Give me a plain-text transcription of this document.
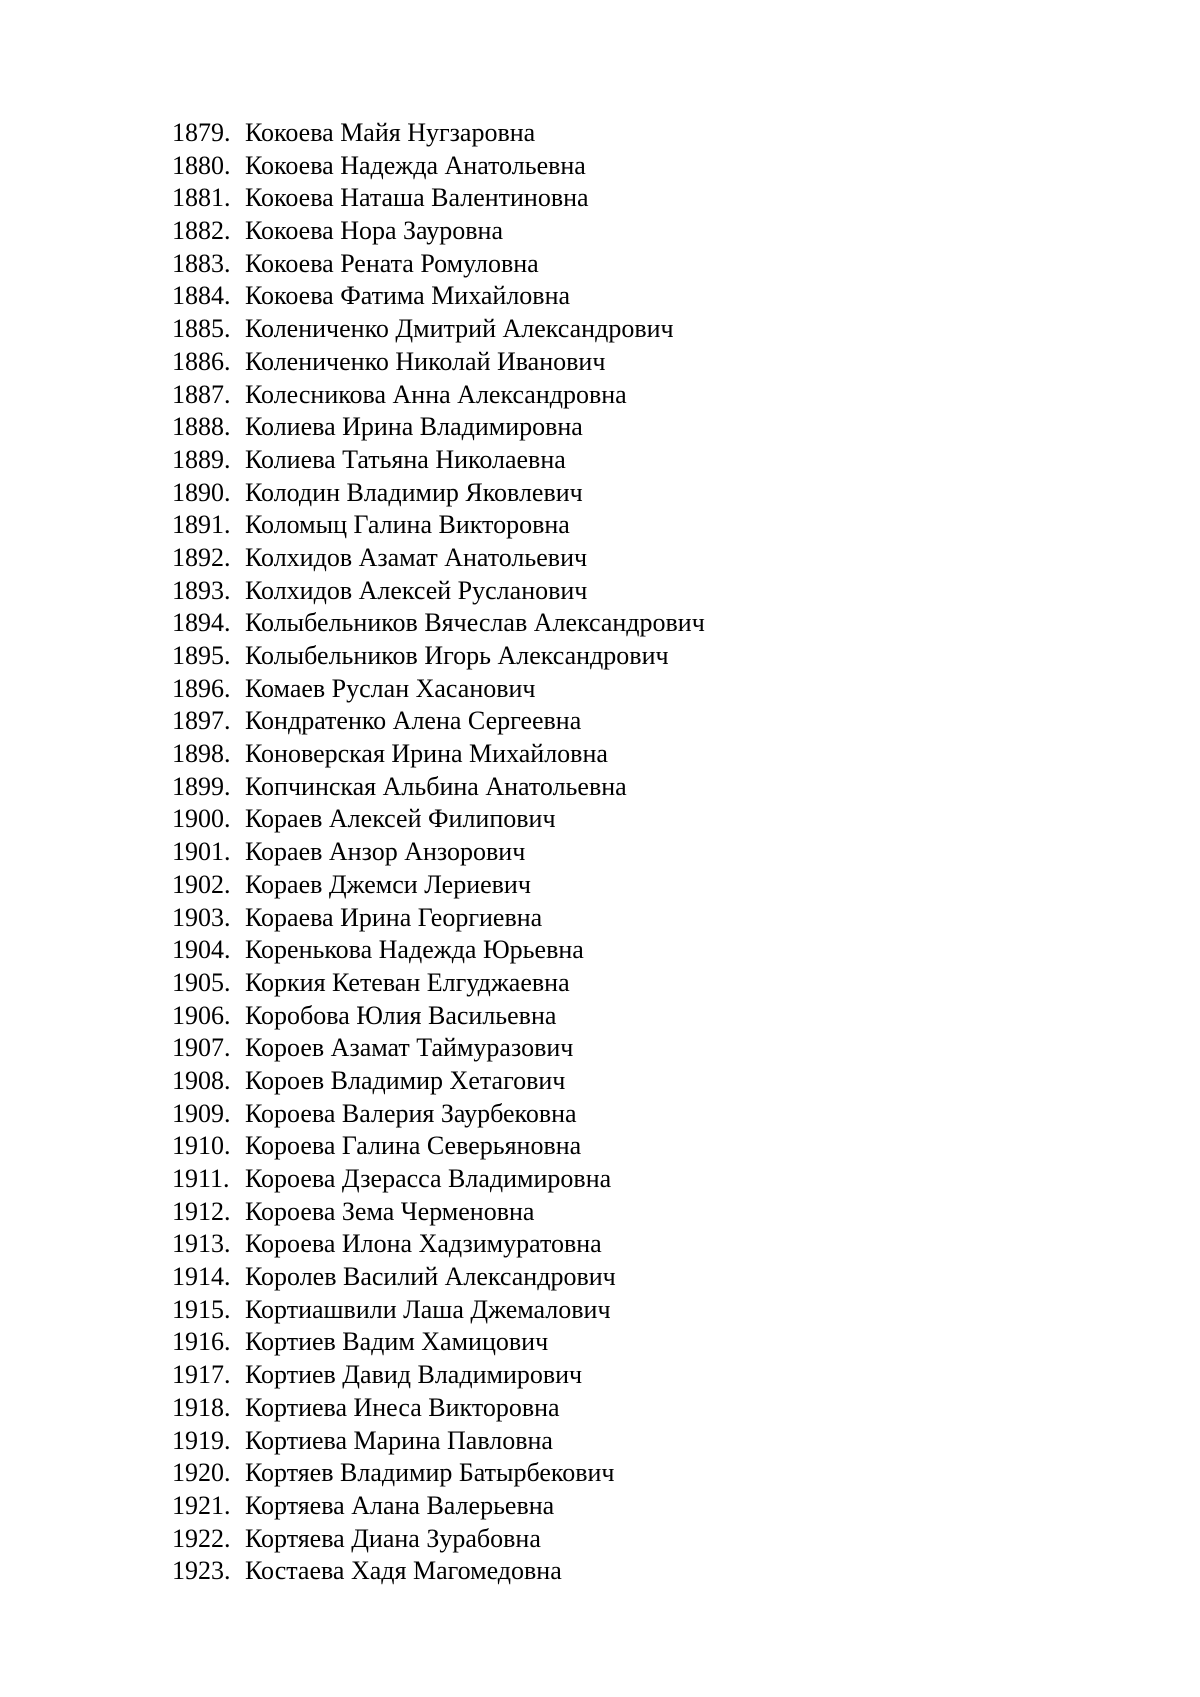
1879. Кокоева Майя Нугзаровна
1880. Кокоева Надежда Анатольевна
1881. Кокоева Наташа Валентиновна
1882. Кокоева Нора Зауровна
1883. Кокоева Рената Ромуловна
1884. Кокоева Фатима Михайловна
1885. Колениченко Дмитрий Александрович
1886. Колениченко Николай Иванович
1887. Колесникова Анна Александровна
1888. Колиева Ирина Владимировна
1889. Колиева Татьяна Николаевна
1890. Колодин Владимир Яковлевич
1891. Коломыц Галина Викторовна
1892. Колхидов Азамат Анатольевич
1893. Колхидов Алексей Русланович
1894. Колыбельников Вячеслав Александрович
1895. Колыбельников Игорь Александрович
1896. Комаев Руслан Хасанович
1897. Кондратенко Алена Сергеевна
1898. Коноверская Ирина Михайловна
1899. Копчинская Альбина Анатольевна
1900. Кораев Алексей Филипович
1901. Кораев Анзор Анзорович
1902. Кораев Джемси Лериевич
1903. Кораева Ирина Георгиевна
1904. Коренькова Надежда Юрьевна
1905. Коркия Кетеван Елгуджаевна
1906. Коробова Юлия Васильевна
1907. Короев Азамат Таймуразович
1908. Короев Владимир Хетагович
1909. Короева Валерия Заурбековна
1910. Короева Галина Северьяновна
1911. Короева Дзерасса Владимировна
1912. Короева Зема Черменовна
1913. Короева Илона Хадзимуратовна
1914. Королев Василий Александрович
1915. Кортиашвили Лаша Джемалович
1916. Кортиев Вадим Хамицович
1917. Кортиев Давид Владимирович
1918. Кортиева Инеса Викторовна
1919. Кортиева Марина Павловна
1920. Кортяев Владимир Батырбекович
1921. Кортяева Алана Валерьевна
1922. Кортяева Диана Зурабовна
1923. Костаева Хадя Магомедовна
